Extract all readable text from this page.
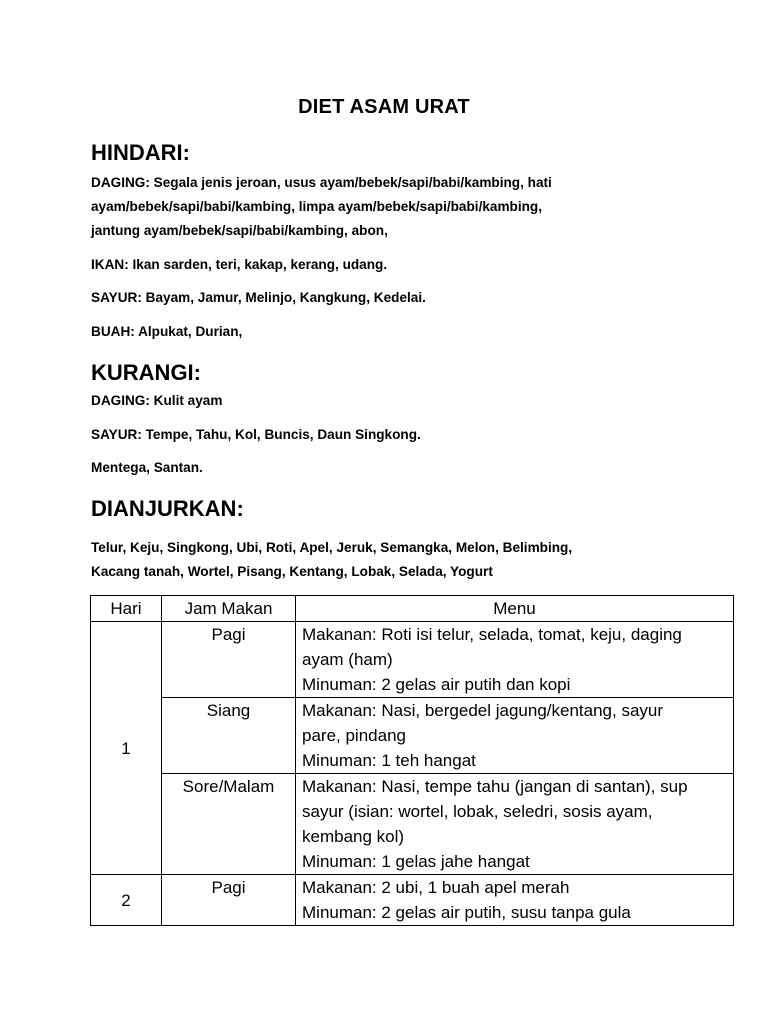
DIET ASAM URAT
HINDARI:
DAGING: Segala jenis jeroan, usus ayam/bebek/sapi/babi/kambing, hati
ayam/bebek/sapi/babi/kambing, limpa ayam/bebek/sapi/babi/kambing,
jantung ayam/bebek/sapi/babi/kambing, abon,
IKAN: Ikan sarden, teri, kakap, kerang, udang.
SAYUR: Bayam, Jamur, Melinjo, Kangkung, Kedelai.
BUAH: Alpukat, Durian,
KURANGI:
DAGING: Kulit ayam
SAYUR: Tempe, Tahu, Kol, Buncis, Daun Singkong.
Mentega, Santan.
DIANJURKAN:
Telur, Keju, Singkong, Ubi, Roti, Apel, Jeruk, Semangka, Melon, Belimbing,
Kacang tanah, Wortel, Pisang, Kentang, Lobak, Selada, Yogurt
Hari	Jam Makan	Menu
1	Pagi	Makanan: Roti isi telur, selada, tomat, keju, daging
ayam (ham)
Minuman: 2 gelas air putih dan kopi

	Siang	Makanan: Nasi, bergedel jagung/kentang, sayur
pare, pindang
Minuman: 1 teh hangat

	Sore/Malam	Makanan: Nasi, tempe tahu (jangan di santan), sup
sayur (isian: wortel, lobak, seledri, sosis ayam,
kembang kol)
Minuman: 1 gelas jahe hangat

2	Pagi	Makanan: 2 ubi, 1 buah apel merah
Minuman: 2 gelas air putih, susu tanpa gula
